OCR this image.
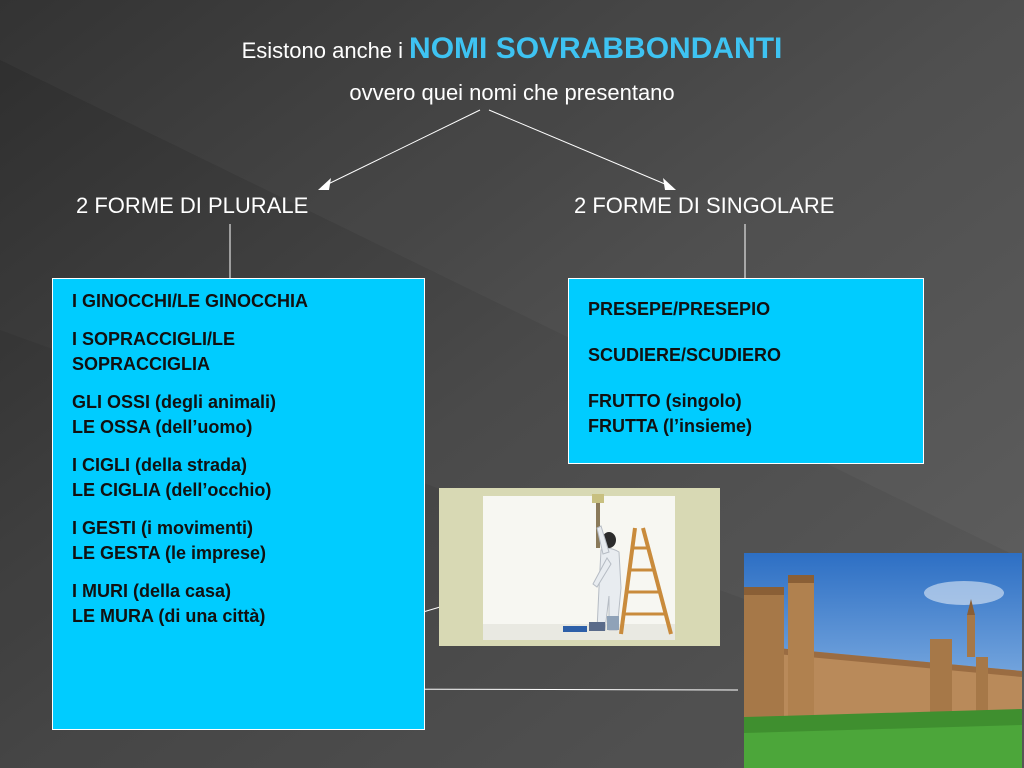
Esistono anche i NOMI SOVRABBONDANTI
ovvero quei nomi che presentano
2 FORME DI PLURALE	2 FORME DI SINGOLARE
I GINOCCHI/LE GINOCCHIA
I SOPRACCIGLI/LE
SOPRACCIGLIA
GLI OSSI (degli animali)
LE OSSA (dell’uomo)
I CIGLI (della strada)
LE CIGLIA (dell’occhio)
I GESTI (i movimenti)
LE GESTA (le imprese)
I MURI (della casa)
LE MURA (di una città)
PRESEPE/PRESEPIO
SCUDIERE/SCUDIERO
FRUTTO (singolo)
FRUTTA (l’insieme)
